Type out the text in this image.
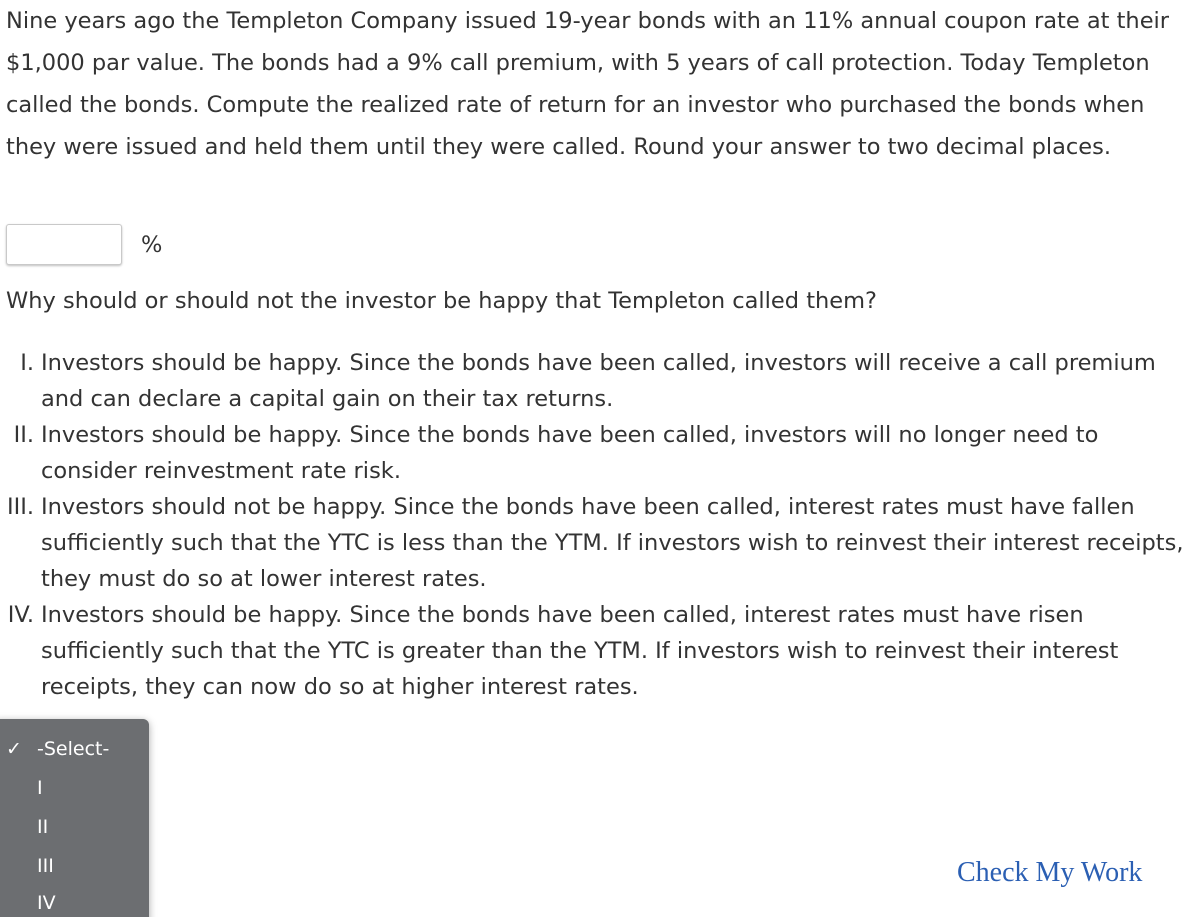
Nine years ago the Templeton Company issued 19-year bonds with an 11% annual coupon rate at their $1,000 par value. The bonds had a 9% call premium, with 5 years of call protection. Today Templeton called the bonds. Compute the realized rate of return for an investor who purchased the bonds when they were issued and held them until they were called. Round your answer to two decimal places.

%

Why should or should not the investor be happy that Templeton called them?

I. Investors should be happy. Since the bonds have been called, investors will receive a call premium and can declare a capital gain on their tax returns.
II. Investors should be happy. Since the bonds have been called, investors will no longer need to consider reinvestment rate risk.
III. Investors should not be happy. Since the bonds have been called, interest rates must have fallen sufficiently such that the YTC is less than the YTM. If investors wish to reinvest their interest receipts, they must do so at lower interest rates.
IV. Investors should be happy. Since the bonds have been called, interest rates must have risen sufficiently such that the YTC is greater than the YTM. If investors wish to reinvest their interest receipts, they can now do so at higher interest rates.
✓ -Select-
I
II
III
IV
Check My Work
